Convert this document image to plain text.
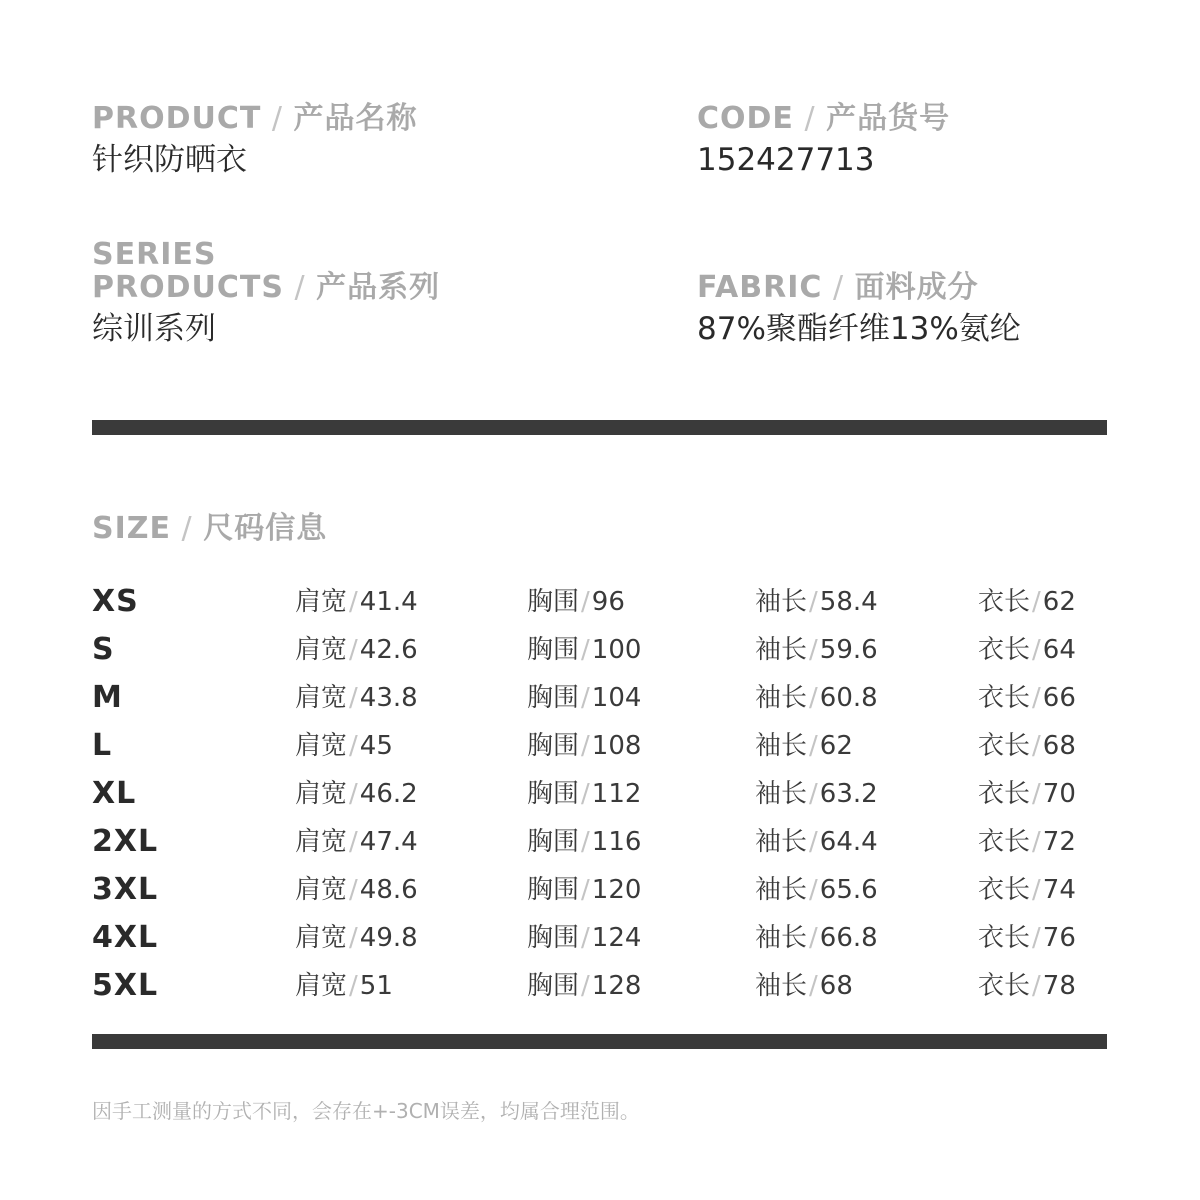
PRODUCT / 产品名称
针织防晒衣
CODE / 产品货号
152427713
SERIES
PRODUCTS / 产品系列
综训系列
FABRIC / 面料成分
87%聚酯纤维13%氨纶
SIZE / 尺码信息
XS	肩宽/41.4	胸围/96	袖长/58.4	衣长/62
S	肩宽/42.6	胸围/100	袖长/59.6	衣长/64
M	肩宽/43.8	胸围/104	袖长/60.8	衣长/66
L	肩宽/45	胸围/108	袖长/62	衣长/68
XL	肩宽/46.2	胸围/112	袖长/63.2	衣长/70
2XL	肩宽/47.4	胸围/116	袖长/64.4	衣长/72
3XL	肩宽/48.6	胸围/120	袖长/65.6	衣长/74
4XL	肩宽/49.8	胸围/124	袖长/66.8	衣长/76
5XL	肩宽/51	胸围/128	袖长/68	衣长/78
因手工测量的方式不同，会存在+-3CM误差，均属合理范围。
